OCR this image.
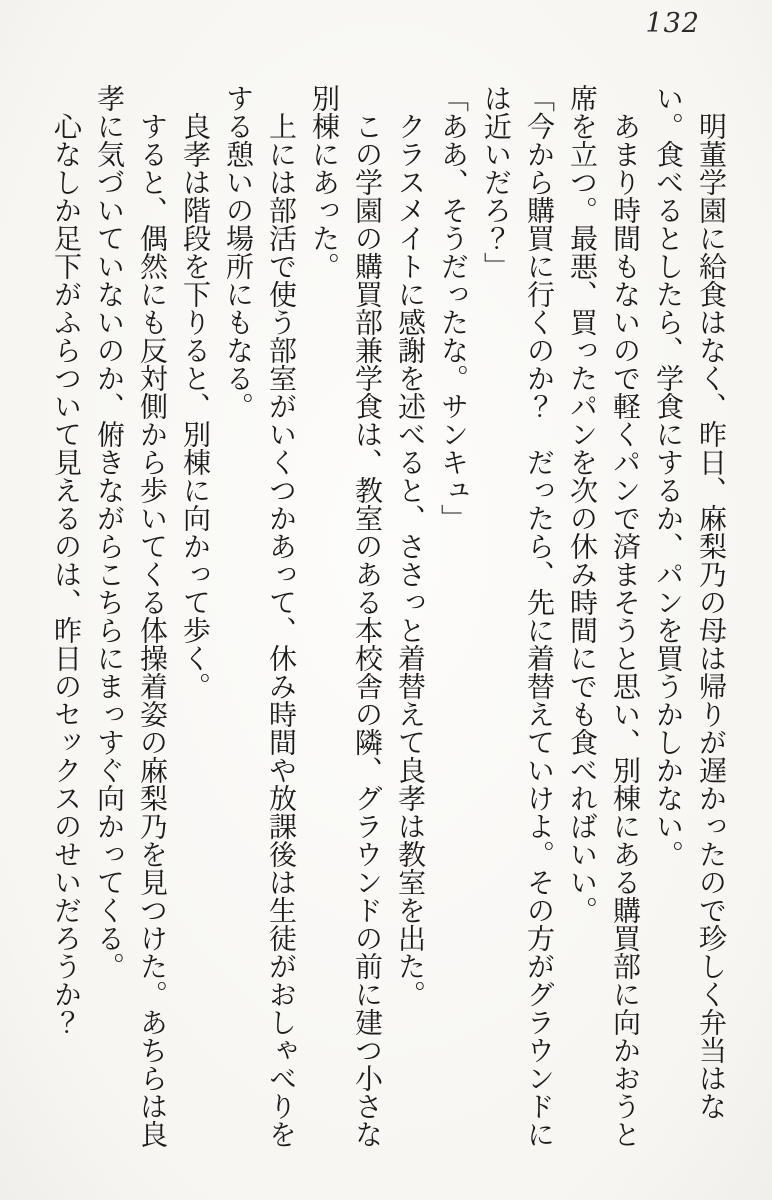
132

　明董学園に給食はなく、昨日、麻梨乃の母は帰りが遅かったので珍しく弁当はない。食べるとしたら、学食にするか、パンを買うかしかない。

　あまり時間もないので軽くパンで済まそうと思い、別棟にある購買部に向かおうと席を立つ。最悪、買ったパンを次の休み時間にでも食べればいい。

「今から購買に行くのか？　だったら、先に着替えていけよ。その方がグラウンドには近いだろ？」

「ああ、そうだったな。サンキュ」

　クラスメイトに感謝を述べると、ささっと着替えて良孝は教室を出た。

　この学園の購買部兼学食は、教室のある本校舎の隣、グラウンドの前に建つ小さな別棟にあった。

　上には部活で使う部室がいくつかあって、休み時間や放課後は生徒がおしゃべりをする憩いの場所にもなる。

　良孝は階段を下りると、別棟に向かって歩く。

　すると、偶然にも反対側から歩いてくる体操着姿の麻梨乃を見つけた。あちらは良孝に気づいていないのか、俯きながらこちらにまっすぐ向かってくる。

　心なしか足下がふらついて見えるのは、昨日のセックスのせいだろうか？
